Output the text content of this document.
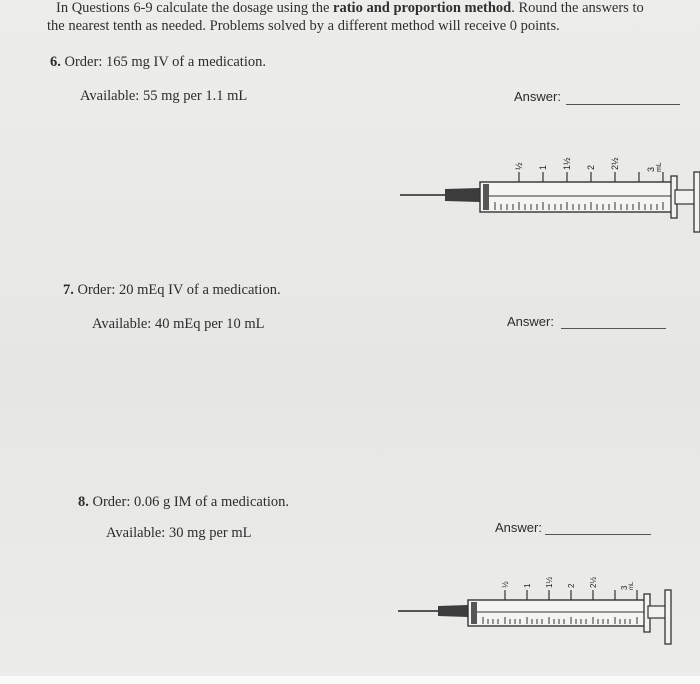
In Questions 6-9 calculate the dosage using the ratio and proportion method. Round the answers to
the nearest tenth as needed. Problems solved by a different method will receive 0 points.
6. Order: 165 mg IV of a medication.
Available: 55 mg per 1.1 mL	Answer:
½ 1 1½ 2 2½	3 mL
7. Order: 20 mEq IV of a medication.
Available: 40 mEq per 10 mL	Answer:
8. Order: 0.06 g IM of a medication.
Available: 30 mg per mL	Answer:
½ 1 1½ 2 2½	3 mL
